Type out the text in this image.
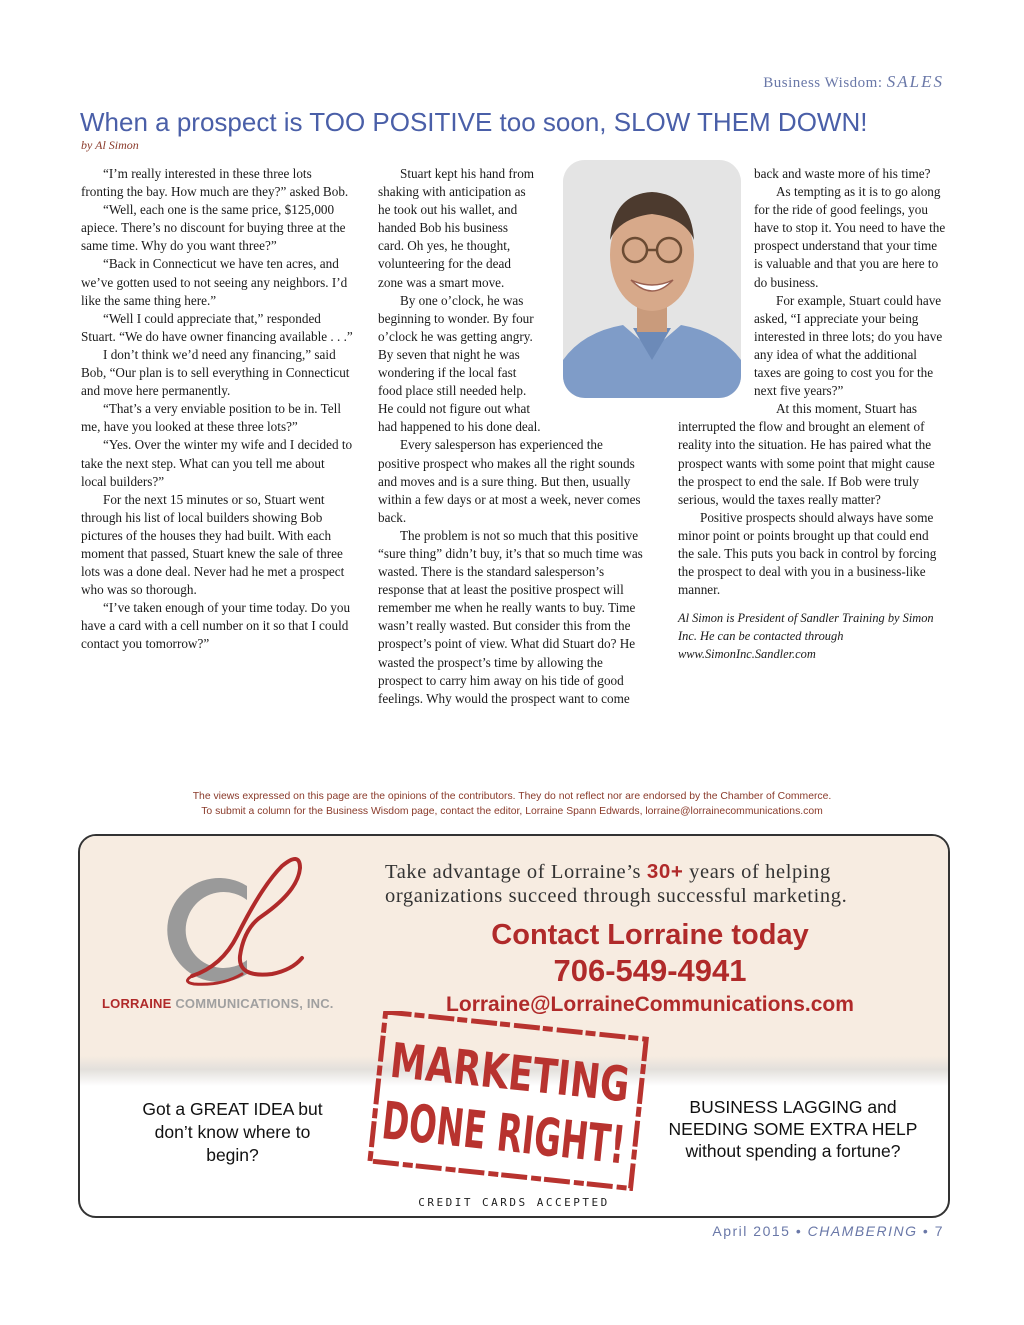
Business Wisdom: SALES
When a prospect is TOO POSITIVE too soon, SLOW THEM DOWN!
by Al Simon

“I’m really interested in these three lots fronting the bay. How much are they?” asked Bob.

“Well, each one is the same price, $125,000 apiece. There’s no discount for buying three at the same time. Why do you want three?”

“Back in Connecticut we have ten acres, and we’ve gotten used to not seeing any neighbors. I’d like the same thing here.”

“Well I could appreciate that,” responded Stuart. “We do have owner financing available . . .”

I don’t think we’d need any financing,” said Bob, “Our plan is to sell everything in Connecticut and move here permanently.

“That’s a very enviable position to be in. Tell me, have you looked at these three lots?”

“Yes. Over the winter my wife and I decided to take the next step. What can you tell me about local builders?”

For the next 15 minutes or so, Stuart went through his list of local builders showing Bob pictures of the houses they had built. With each moment that passed, Stuart knew the sale of three lots was a done deal. Never had he met a prospect who was so thorough.

“I’ve taken enough of your time today. Do you have a card with a cell number on it so that I could contact you tomorrow?”

Stuart kept his hand from shaking with anticipation as he took out his wallet, and handed Bob his business card. Oh yes, he thought, volunteering for the dead zone was a smart move.

By one o’clock, he was beginning to wonder. By four o’clock he was getting angry. By seven that night he was wondering if the local fast food place still needed help. He could not figure out what had happened to his done deal.

Every salesperson has experienced the positive prospect who makes all the right sounds and moves and is a sure thing. But then, usually within a few days or at most a week, never comes back.

The problem is not so much that this positive “sure thing” didn’t buy, it’s that so much time was wasted. There is the standard salesperson’s response that at least the positive prospect will remember me when he really wants to buy. Time wasn’t really wasted. But consider this from the prospect’s point of view. What did Stuart do? He wasted the prospect’s time by allowing the prospect to carry him away on his tide of good feelings. Why would the prospect want to come

back and waste more of his time?

As tempting as it is to go along for the ride of good feelings, you have to stop it. You need to have the prospect understand that your time is valuable and that you are here to do business.

For example, Stuart could have asked, “I appreciate your being interested in three lots; do you have any idea of what the additional taxes are going to cost you for the next five years?”

At this moment, Stuart has interrupted the flow and brought an element of reality into the situation. He has paired what the prospect wants with some point that might cause the prospect to end the sale. If Bob were truly serious, would the taxes really matter?

Positive prospects should always have some minor point or points brought up that could end the sale. This puts you back in control by forcing the prospect to deal with you in a business-like manner.

Al Simon is President of Sandler Training by Simon Inc. He can be contacted through www.SimonInc.Sandler.com

The views expressed on this page are the opinions of the contributors. They do not reflect nor are endorsed by the Chamber of Commerce.
To submit a column for the Business Wisdom page, contact the editor, Lorraine Spann Edwards, lorraine@lorrainecommunications.com
LORRAINE COMMUNICATIONS, INC.
Take advantage of Lorraine’s 30+ years of helping organizations succeed through successful marketing.
Contact Lorraine today
706-549-4941
Lorraine@LorraineCommunications.com
MARKETING
DONE RIGHT!
Got a GREAT IDEA but don’t know where to begin?
BUSINESS LAGGING and NEEDING SOME EXTRA HELP without spending a fortune?
CREDIT CARDS ACCEPTED
April 2015 • CHAMBERING • 7
